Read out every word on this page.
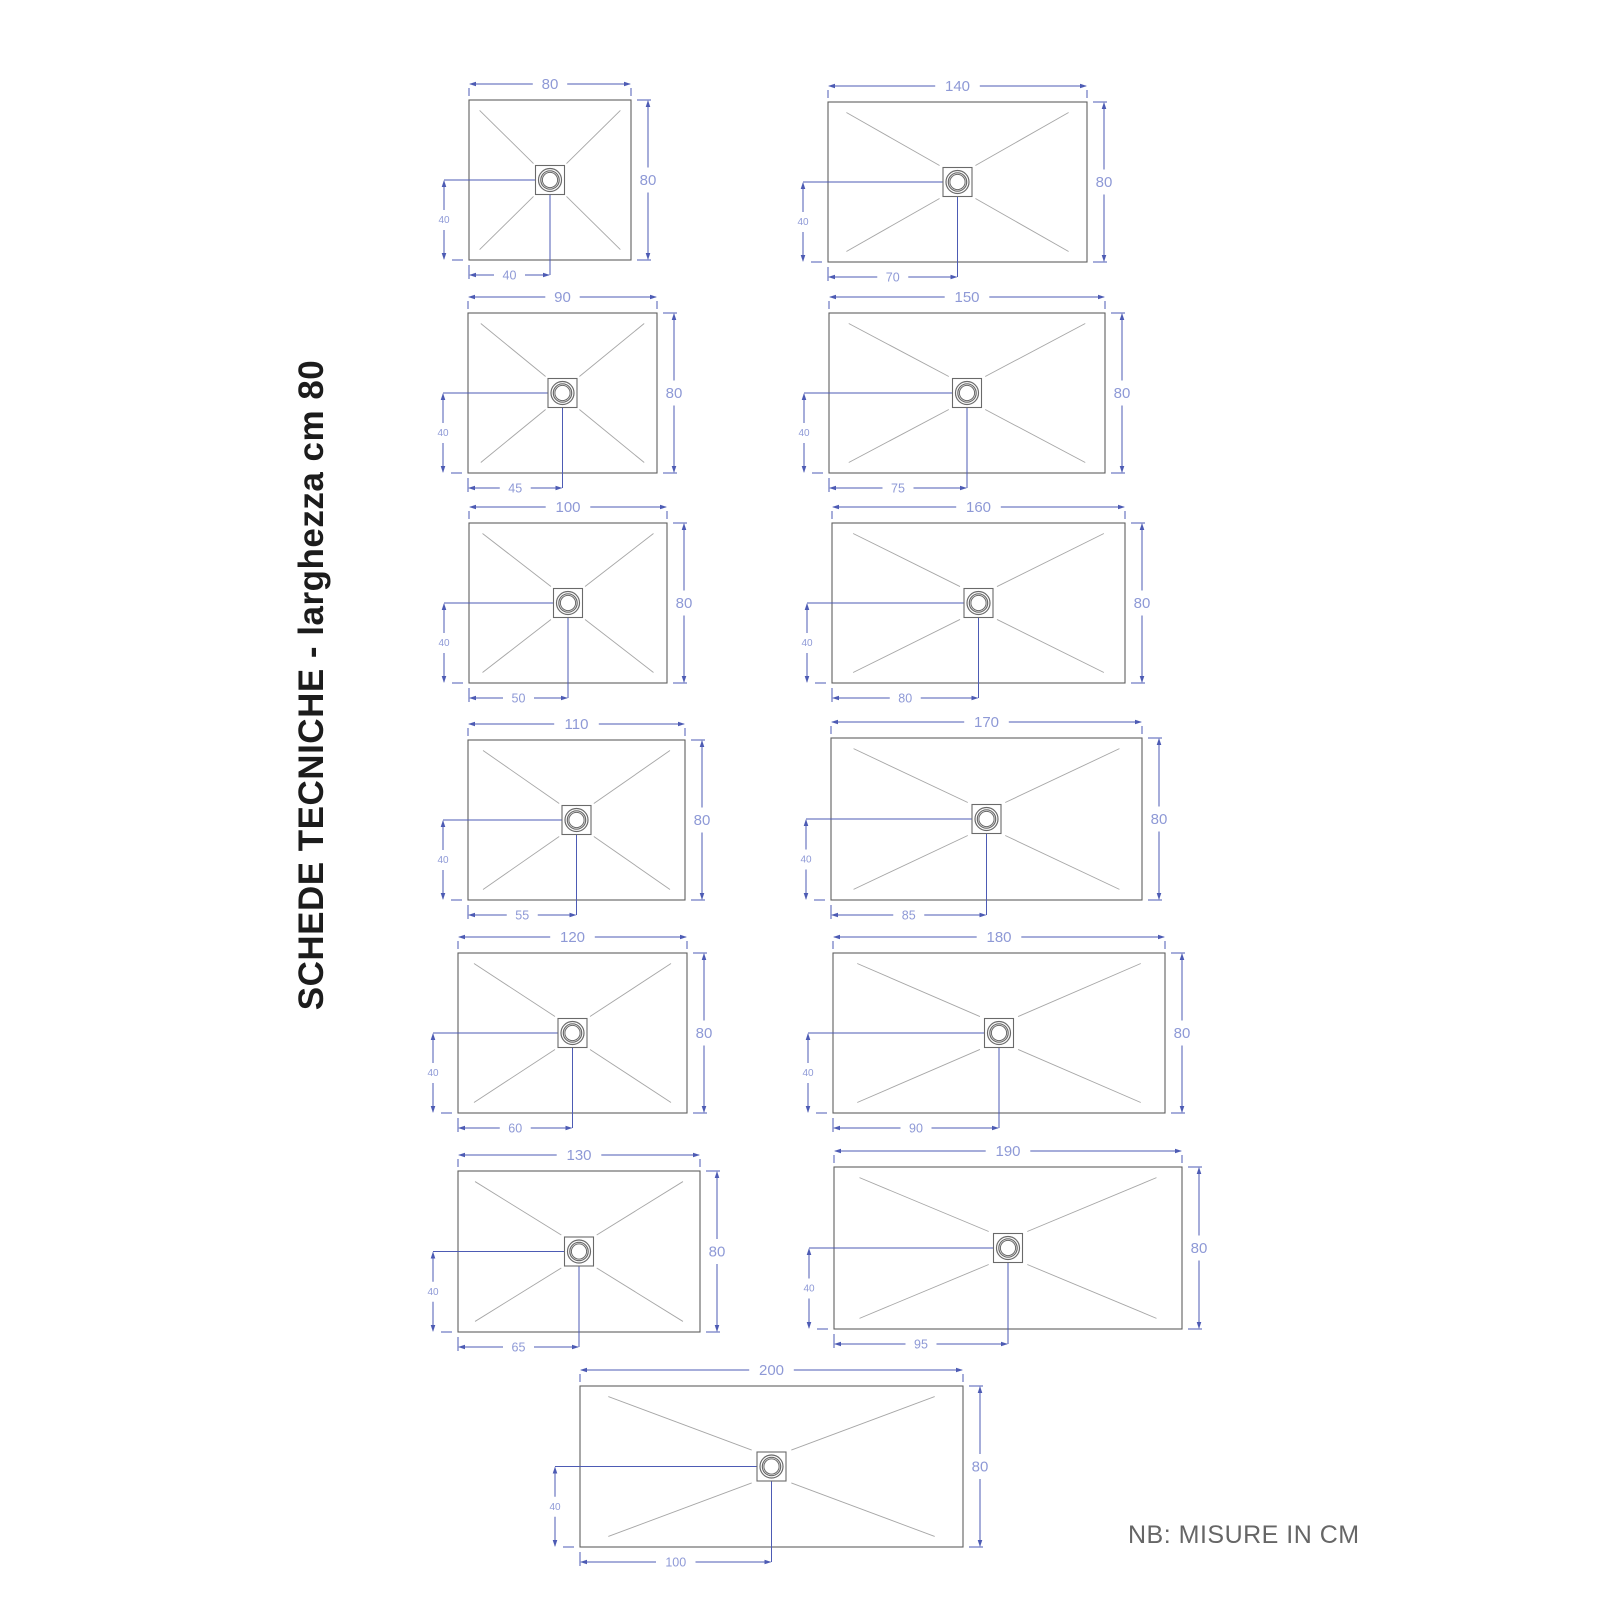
SCHEDE TECNICHE - larghezza cm 80
80
80
40
40
90
80
40
45
100
80
40
50
110
80
40
55
120
80
40
60
130
80
40
65
140
80
40
70
150
80
40
75
160
80
40
80
170
80
40
85
180
80
40
90
190
80
40
95
200
80
40
100
NB: MISURE IN CM
